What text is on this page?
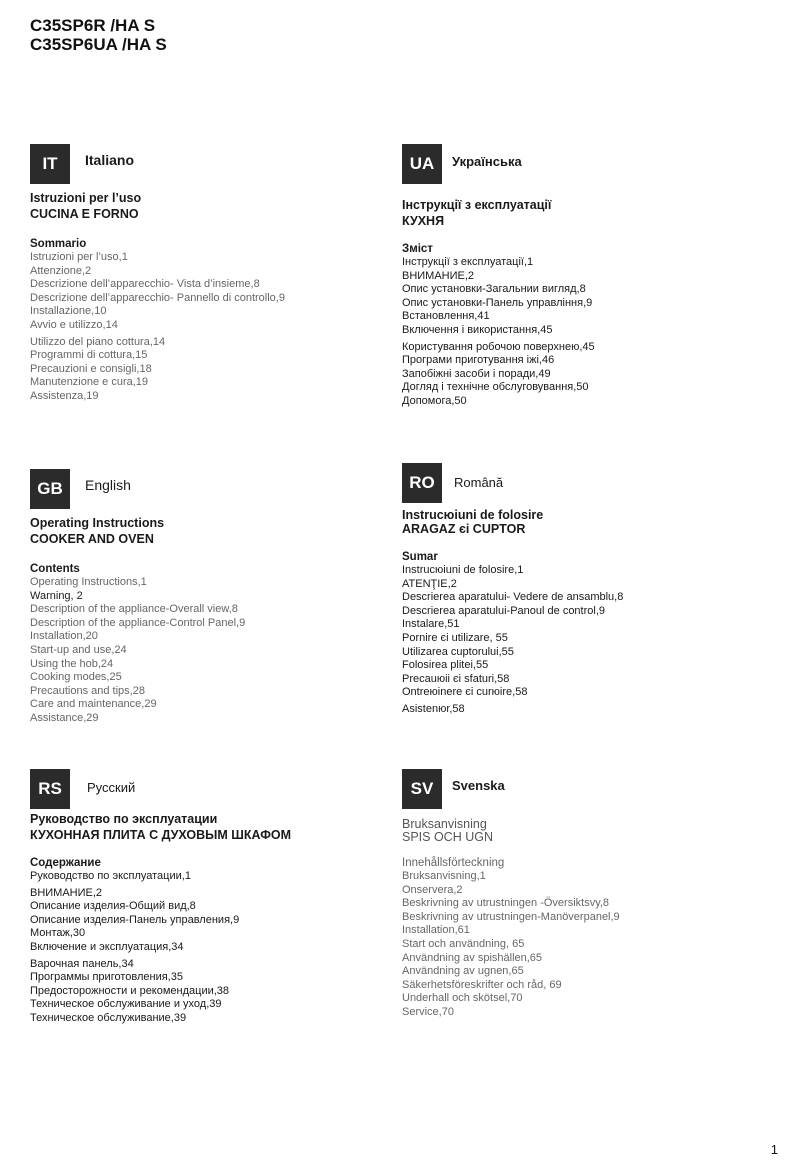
C35SP6R /HA S
C35SP6UA /HA S
IT	Italiano
Istruzioni per l’uso
CUCINA E FORNO
Sommario
Istruzioni per l’uso,1
Attenzione,2
Descrizione dell’apparecchio- Vista d’insieme,8
Descrizione dell’apparecchio- Pannello di controllo,9
Installazione,10
Avvio e utilizzo,14
Utilizzo del piano cottura,14
Programmi di cottura,15
Precauzioni e consigli,18
Manutenzione e cura,19
Assistenza,19
UA	Українська
Інструкції з експлуатації
КУХНЯ
Зміст
Інструкції з експлуатації,1
ВНИМАНИЕ,2
Опис установки-Загальнии вигляд,8
Опис установки-Панель управління,9
Встановлення,41
Включення і використання,45
Користування робочою поверхнею,45
Програми приготування іжі,46
Запобіжні засоби і поради,49
Догляд і технічне обслуговування,50
Допомога,50
GB	English
Operating Instructions
COOKER AND OVEN
Contents
Operating Instructions,1
Warning, 2
Description of the appliance-Overall view,8
Description of the appliance-Control Panel,9
Installation,20
Start-up and use,24
Using the hob,24
Cooking modes,25
Precautions and tips,28
Care and maintenance,29
Assistance,29
RO	Română
Instrucюiuni de folosire
ARAGAZ єі CUPTOR
Sumar
Instrucюiuni de folosire,1
ATENŢIE,2
Descrierea aparatului- Vedere de ansamblu,8
Descrierea aparatului-Panoul de control,9
Instalare,51
Pornire єі utilizare, 55
Utilizarea cuptorului,55
Folosirea plitei,55
Precauюii єі sfaturi,58
Ontreюinere єі curюire,58
Asistenюr,58
RS	Русский
Руководство по эксплуатации
КУХОННАЯ ПЛИТА С ДУХОВЫМ ШКАФОМ
Содержание
Руководство по эксплуатации,1
ВНИМАНИЕ,2
Описание изделия-Общий вид,8
Описание изделия-Панель управления,9
Монтаж,30
Включение и эксплуатация,34
Варочная панель,34
Программы приготовления,35
Предосторожности и рекомендации,38
Техническое обслуживание и уход,39
Техническое обслуживание,39
SV	Svenska
Bruksanvisning
SPIS OCH UGN
Innehållsförteckning
Bruksanvisning,1
Onservera,2
Beskrivning av utrustningen -Översiktsvy,8
Beskrivning av utrustningen-Manöverpanel,9
Installation,61
Start och användning, 65
Användning av spishällen,65
Användning av ugnen,65
Säkerhetsföreskrifter och råd, 69
Underhall och skötsel,70
Service,70
1
